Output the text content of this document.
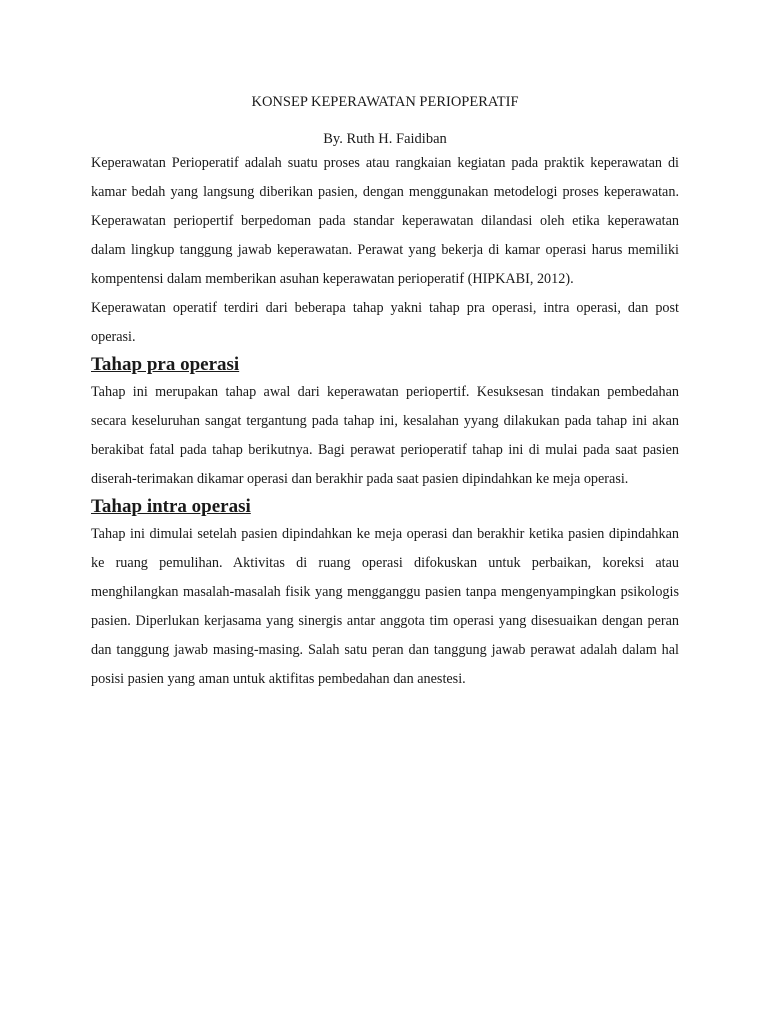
KONSEP KEPERAWATAN PERIOPERATIF

By. Ruth H. Faidiban

Keperawatan Perioperatif adalah suatu proses atau rangkaian kegiatan pada praktik keperawatan di kamar bedah yang langsung diberikan pasien, dengan menggunakan metodelogi proses keperawatan. Keperawatan periopertif berpedoman pada standar keperawatan dilandasi oleh etika keperawatan dalam lingkup tanggung jawab keperawatan. Perawat yang bekerja di kamar operasi harus memiliki kompentensi dalam memberikan asuhan keperawatan perioperatif (HIPKABI, 2012).

Keperawatan operatif terdiri dari beberapa tahap yakni tahap pra operasi, intra operasi, dan post operasi.

Tahap pra operasi

Tahap ini merupakan tahap awal dari keperawatan periopertif. Kesuksesan tindakan pembedahan secara keseluruhan sangat tergantung pada tahap ini, kesalahan yyang dilakukan pada tahap ini akan berakibat fatal pada tahap berikutnya. Bagi perawat perioperatif tahap ini di mulai pada saat pasien diserah-terimakan dikamar operasi dan berakhir pada saat pasien dipindahkan ke meja operasi.

Tahap intra operasi

Tahap ini dimulai setelah pasien dipindahkan ke meja operasi dan berakhir ketika pasien dipindahkan ke ruang pemulihan. Aktivitas di ruang operasi difokuskan untuk perbaikan, koreksi atau menghilangkan masalah-masalah fisik yang mengganggu pasien tanpa mengenyampingkan psikologis pasien. Diperlukan kerjasama yang sinergis antar anggota tim operasi yang disesuaikan dengan peran dan tanggung jawab masing-masing. Salah satu peran dan tanggung jawab perawat adalah dalam hal posisi pasien yang aman untuk aktifitas pembedahan dan anestesi.
